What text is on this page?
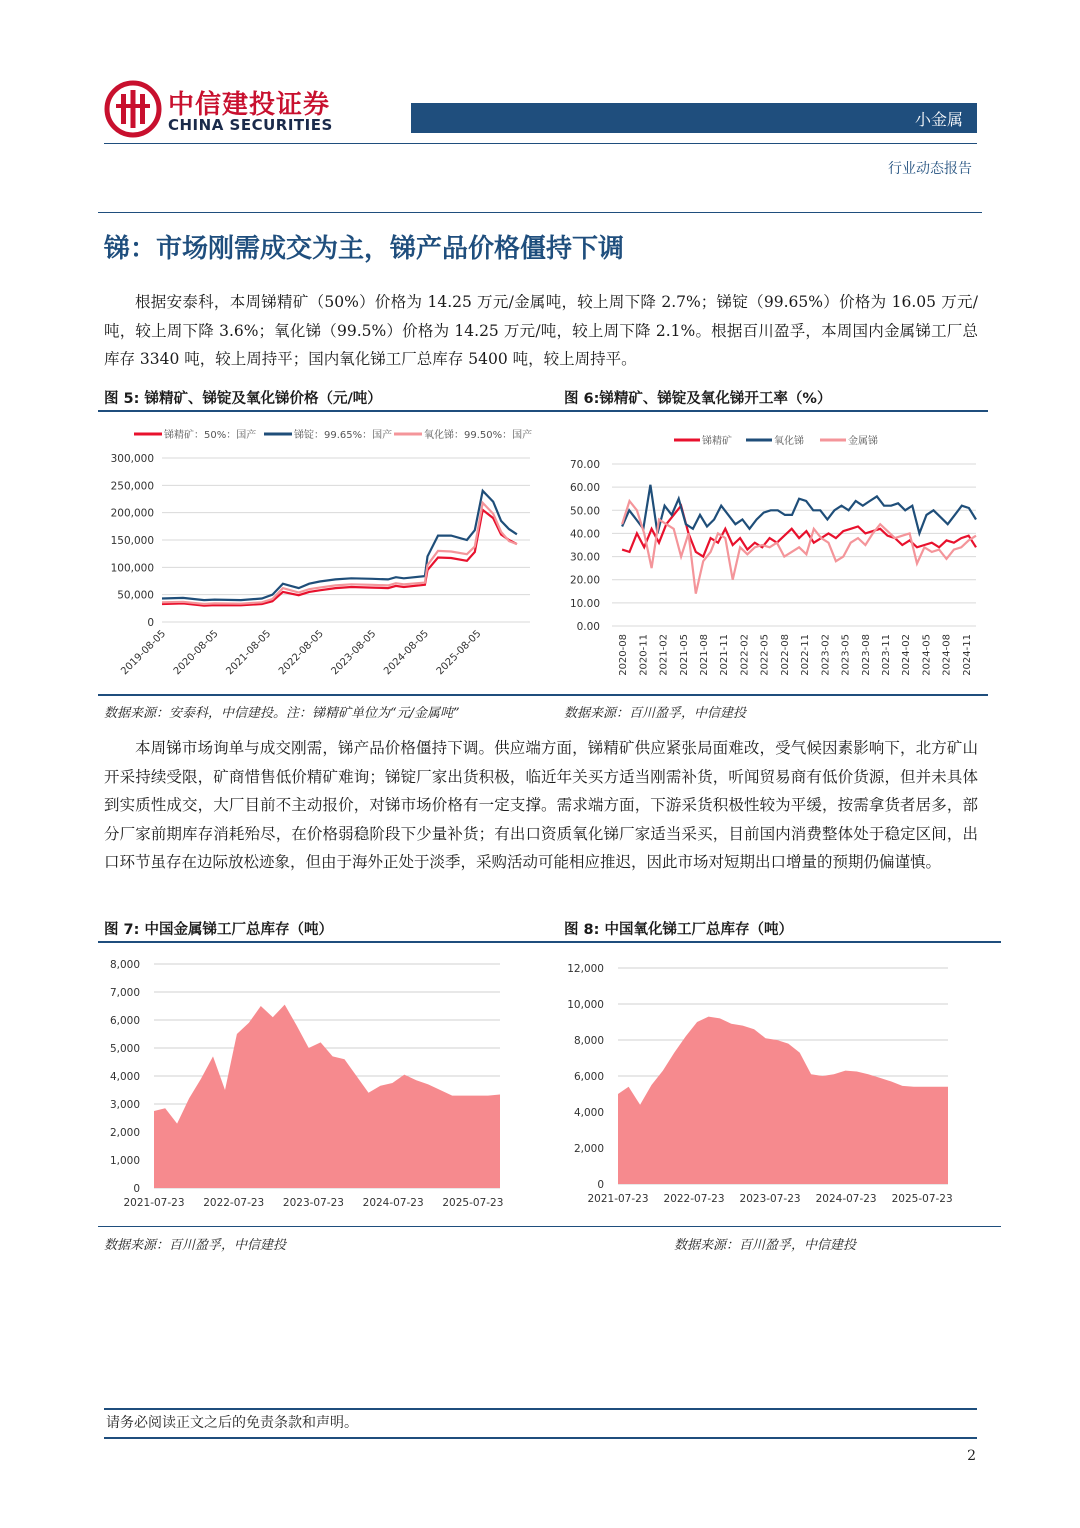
中信建投证券
CHINA SECURITIES	小金属
行业动态报告
锑：市场刚需成交为主，锑产品价格僵持下调

根据安泰科，本周锑精矿（50%）价格为 14.25 万元/金属吨，较上周下降 2.7%；锑锭（99.65%）价格为 16.05 万元/吨，较上周下降 3.6%；氧化锑（99.5%）价格为 14.25 万元/吨，较上周下降 2.1%。根据百川盈孚，本周国内金属锑工厂总库存 3340 吨，较上周持平；国内氧化锑工厂总库存 5400 吨，较上周持平。

图 5: 锑精矿、锑锭及氧化锑价格（元/吨）	图 6:锑精矿、锑锭及氧化锑开工率（%）
0
50,000
100,000
150,000
200,000
250,000
300,000
2019-08-05 2020-08-05 2021-08-05 2022-08-05 2023-08-05 2024-08-05 2025-08-05
锑精矿：50%：国产	锑锭：99.65%：国产	氧化锑：99.50%：国产
0.00
10.00
20.00
30.00
40.00
50.00
60.00
70.00
2020-08 2020-11 2021-02 2021-05 2021-08 2021-11 2022-02 2022-05 2022-08 2022-11 2023-02 2023-05 2023-08 2023-11 2024-02 2024-05 2024-08 2024-11
锑精矿	氧化锑	金属锑
数据来源：安泰科，中信建投。注：锑精矿单位为“元/金属吨”	数据来源：百川盈孚，中信建投

本周锑市场询单与成交刚需，锑产品价格僵持下调。供应端方面，锑精矿供应紧张局面难改，受气候因素影响下，北方矿山开采持续受限，矿商惜售低价精矿难询；锑锭厂家出货积极，临近年关买方适当刚需补货，听闻贸易商有低价货源，但并未具体到实质性成交，大厂目前不主动报价，对锑市场价格有一定支撑。需求端方面，下游采货积极性较为平缓，按需拿货者居多，部分厂家前期库存消耗殆尽，在价格弱稳阶段下少量补货；有出口资质氧化锑厂家适当采买，目前国内消费整体处于稳定区间，出口环节虽存在边际放松迹象，但由于海外正处于淡季，采购活动可能相应推迟，因此市场对短期出口增量的预期仍偏谨慎。

图 7: 中国金属锑工厂总库存（吨）	图 8: 中国氧化锑工厂总库存（吨）
0
1,000
2,000
3,000
4,000
5,000
6,000
7,000
8,000
2021-07-23 2022-07-23 2023-07-23 2024-07-23 2025-07-23
0
2,000
4,000
6,000
8,000
10,000
12,000
2021-07-23 2022-07-23 2023-07-23 2024-07-23 2025-07-23
数据来源：百川盈孚，中信建投	数据来源：百川盈孚，中信建投
请务必阅读正文之后的免责条款和声明。
2
